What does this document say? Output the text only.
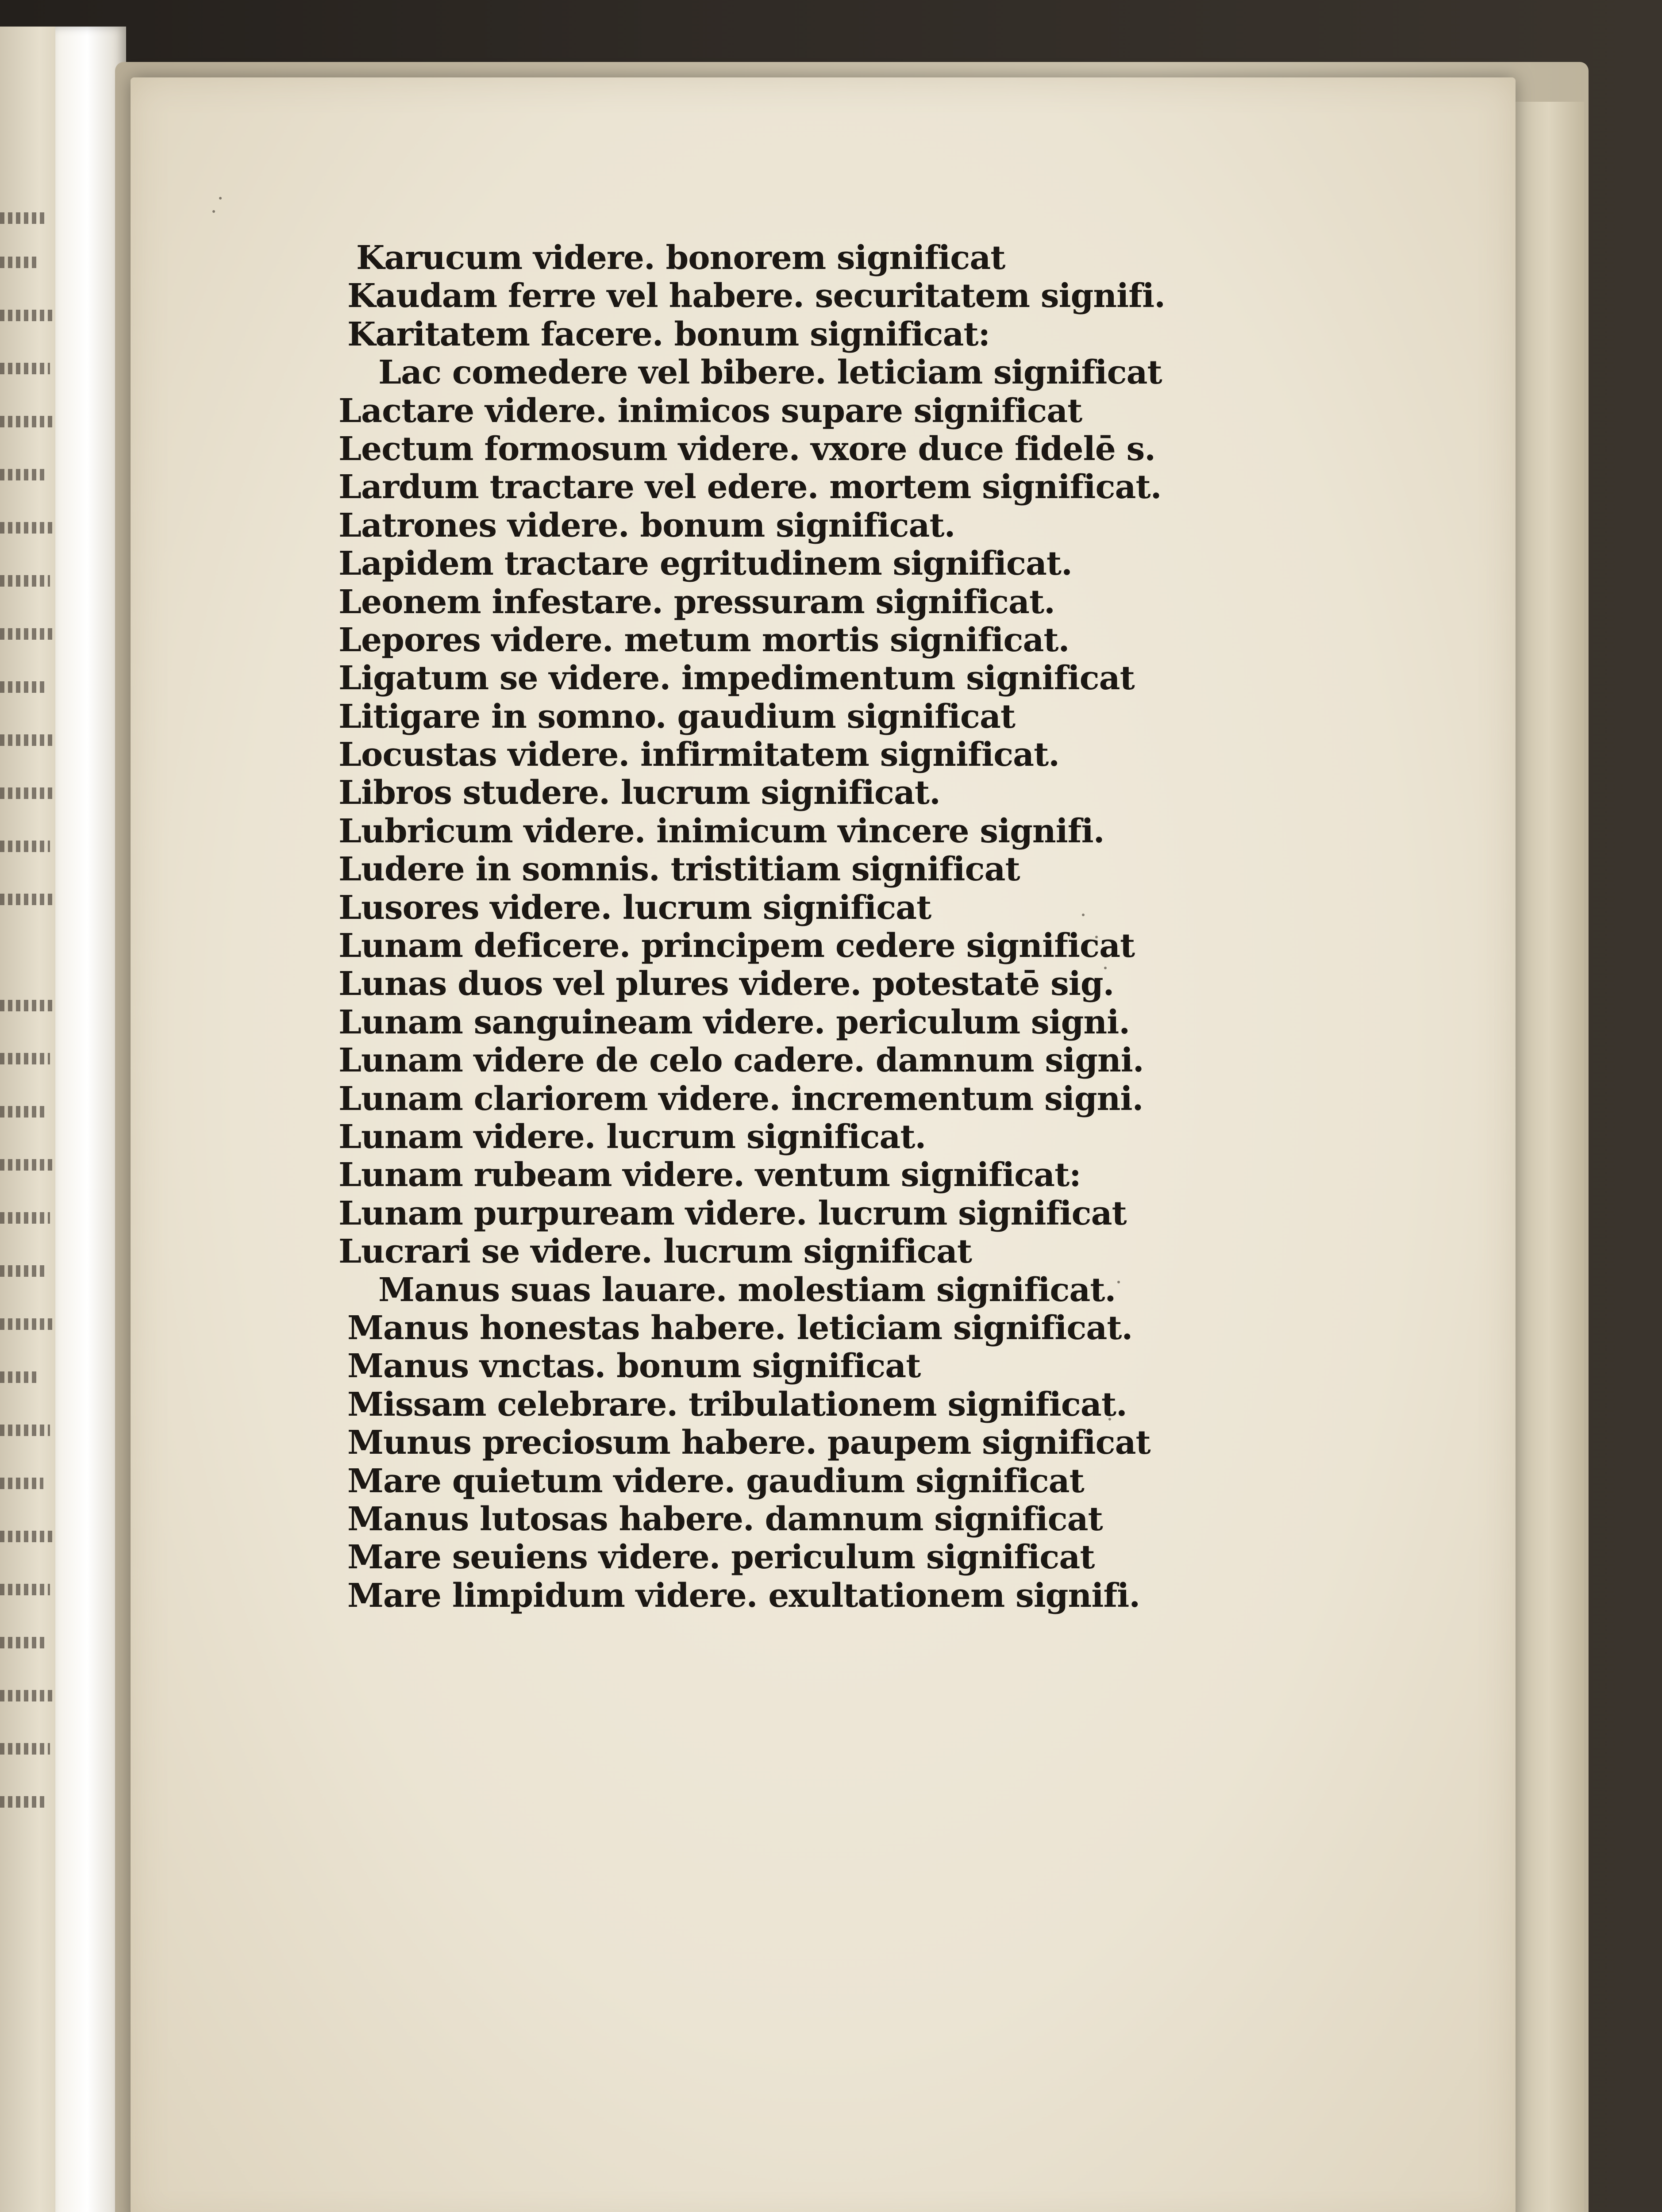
Karucum videre. bonorem significat
Kaudam ferre vel habere. securitatem signifi.
Karitatem facere. bonum significat:
Lac comedere vel bibere. leticiam significat
Lactare videre. inimicos supare significat
Lectum formosum videre. vxore duce fidelē s.
Lardum tractare vel edere. mortem significat.
Latrones videre. bonum significat.
Lapidem tractare egritudinem significat.
Leonem infestare. pressuram significat.
Lepores videre. metum mortis significat.
Ligatum se videre. impedimentum significat
Litigare in somno. gaudium significat
Locustas videre. infirmitatem significat.
Libros studere. lucrum significat.
Lubricum videre. inimicum vincere signifi.
Ludere in somnis. tristitiam significat
Lusores videre. lucrum significat
Lunam deficere. principem cedere significat
Lunas duos vel plures videre. potestatē sig.
Lunam sanguineam videre. periculum signi.
Lunam videre de celo cadere. damnum signi.
Lunam clariorem videre. incrementum signi.
Lunam videre. lucrum significat.
Lunam rubeam videre. ventum significat:
Lunam purpuream videre. lucrum significat
Lucrari se videre. lucrum significat
Manus suas lauare. molestiam significat.
Manus honestas habere. leticiam significat.
Manus vnctas. bonum significat
Missam celebrare. tribulationem significat.
Munus preciosum habere. paupem significat
Mare quietum videre. gaudium significat
Manus lutosas habere. damnum significat
Mare seuiens videre. periculum significat
Mare limpidum videre. exultationem signifi.
